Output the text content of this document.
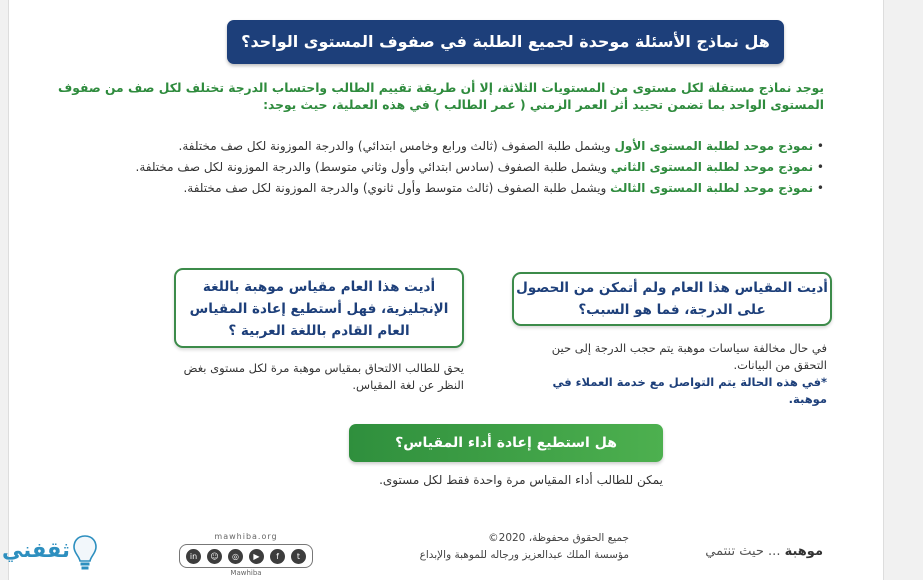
هل نماذج الأسئلة موحدة لجميع الطلبة في صفوف المستوى الواحد؟

يوجد نماذج مستقلة لكل مستوى من المستويات الثلاثة، إلا أن طريقة تقييم الطالب واحتساب الدرجة تختلف لكل صف من صفوف المستوى الواحد بما تضمن تحييد أثر العمر الزمني ( عمر الطالب ) في هذه العملية، حيث يوجد:

• نموذج موحد لطلبة المستوى الأول ويشمل طلبة الصفوف (ثالث ورابع وخامس ابتدائي) والدرجة الموزونة لكل صف مختلفة.

• نموذج موحد لطلبة المستوى الثاني ويشمل طلبة الصفوف (سادس ابتدائي وأول وثاني متوسط) والدرجة الموزونة لكل صف مختلفة.

• نموذج موحد لطلبة المستوى الثالث ويشمل طلبة الصفوف (ثالث متوسط وأول ثانوي) والدرجة الموزونة لكل صف مختلفة.

أديت هذا العام مقياس موهبة باللغة الإنجليزية، فهل أستطيع إعادة المقياس العام القادم باللغة العربية ؟

يحق للطالب الالتحاق بمقياس موهبة مرة لكل مستوى بغض النظر عن لغة المقياس.

أديت المقياس هذا العام ولم أتمكن من الحصول على الدرجة، فما هو السبب؟

في حال مخالفة سياسات موهبة يتم حجب الدرجة إلى حين التحقق من البيانات.

*في هذه الحالة يتم التواصل مع خدمة العملاء في موهبة.

هل استطيع إعادة أداء المقياس؟

يمكن للطالب أداء المقياس مرة واحدة فقط لكل مستوى.

موهبة ... حيث تنتمي

جميع الحقوق محفوظة، 2020©

مؤسسة الملك عبدالعزيز ورجاله للموهبة والإبداع

mawhiba.org
in	☺	◎	▶	f	t
Mawhiba
ثقفني
